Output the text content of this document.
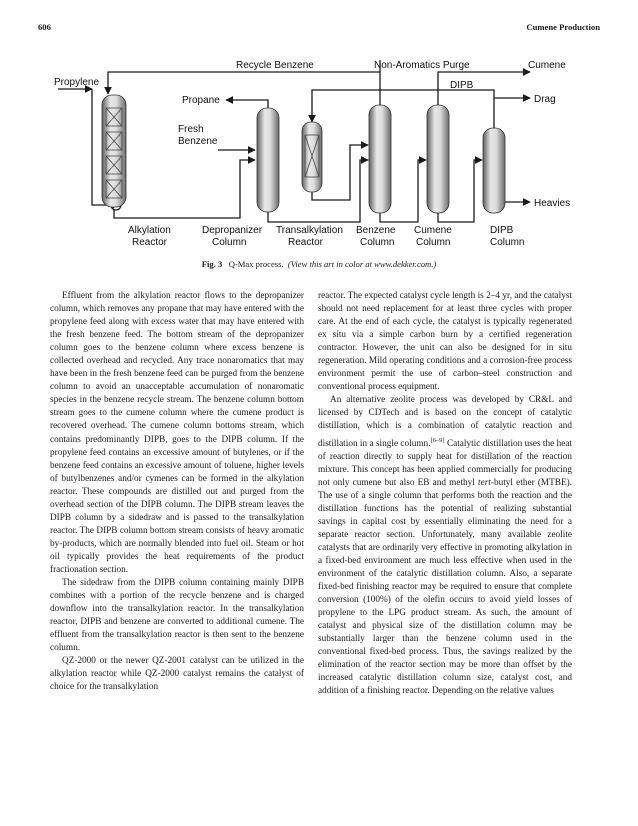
606	Cumene Production
Propylene
Recycle Benzene	Non-Aromatics Purge	Cumene
Propane
DIPB
Drag
Fresh
Benzene
Heavies
Alkylation
Reactor
Depropanizer
Column
Transalkylation
Reactor
Benzene
Column
Cumene
Column
DIPB
Column
Fig. 3 Q-Max process. (View this art in color at www.dekker.com.)

Effluent from the alkylation reactor flows to the depropanizer column, which removes any propane that may have entered with the propylene feed along with excess water that may have entered with the fresh benzene feed. The bottom stream of the depropanizer column goes to the benzene column where excess benzene is collected overhead and recycled. Any trace nonaromatics that may have been in the fresh benzene feed can be purged from the benzene column to avoid an unacceptable accumulation of nonaromatic species in the benzene recycle stream. The benzene column bottom stream goes to the cumene column where the cumene product is recovered overhead. The cumene column bottoms stream, which contains predominantly DIPB, goes to the DIPB column. If the propylene feed contains an excessive amount of butylenes, or if the benzene feed contains an excessive amount of toluene, higher levels of butylbenzenes and/or cymenes can be formed in the alkylation reactor. These compounds are distilled out and purged from the overhead section of the DIPB column. The DIPB stream leaves the DIPB column by a sidedraw and is passed to the transalkylation reactor. The DIPB column bottom stream consists of heavy aromatic by-products, which are normally blended into fuel oil. Steam or hot oil typically provides the heat requirements of the product fractionation section.

The sidedraw from the DIPB column containing mainly DIPB combines with a portion of the recycle benzene and is charged downflow into the transalkylation reactor. In the transalkylation reactor, DIPB and benzene are converted to additional cumene. The effluent from the transalkylation reactor is then sent to the benzene column.

QZ-2000 or the newer QZ-2001 catalyst can be utilized in the alkylation reactor while QZ-2000 catalyst remains the catalyst of choice for the transalkylation

reactor. The expected catalyst cycle length is 2–4 yr, and the catalyst should not need replacement for at least three cycles with proper care. At the end of each cycle, the catalyst is typically regenerated ex situ via a simple carbon burn by a certified regeneration contractor. However, the unit can also be designed for in situ regeneration. Mild operating conditions and a corrosion-free process environment permit the use of carbon–steel construction and conventional process equipment.

An alternative zeolite process was developed by CR&L and licensed by CDTech and is based on the concept of catalytic distillation, which is a combination of catalytic reaction and distillation in a single column.[6–9] Catalytic distillation uses the heat of reaction directly to supply heat for distillation of the reaction mixture. This concept has been applied commercially for producing not only cumene but also EB and methyl tert-butyl ether (MTBE). The use of a single column that performs both the reaction and the distillation functions has the potential of realizing substantial savings in capital cost by essentially eliminating the need for a separate reactor section. Unfortunately, many available zeolite catalysts that are ordinarily very effective in promoting alkylation in a fixed-bed environment are much less effective when used in the environment of the catalytic distillation column. Also, a separate fixed-bed finishing reactor may be required to ensure that complete conversion (100%) of the olefin occurs to avoid yield losses of propylene to the LPG product stream. As such, the amount of catalyst and physical size of the distillation column may be substantially larger than the benzene column used in the conventional fixed-bed process. Thus, the savings realized by the elimination of the reactor section may be more than offset by the increased catalytic distillation column size, catalyst cost, and addition of a finishing reactor. Depending on the relative values
